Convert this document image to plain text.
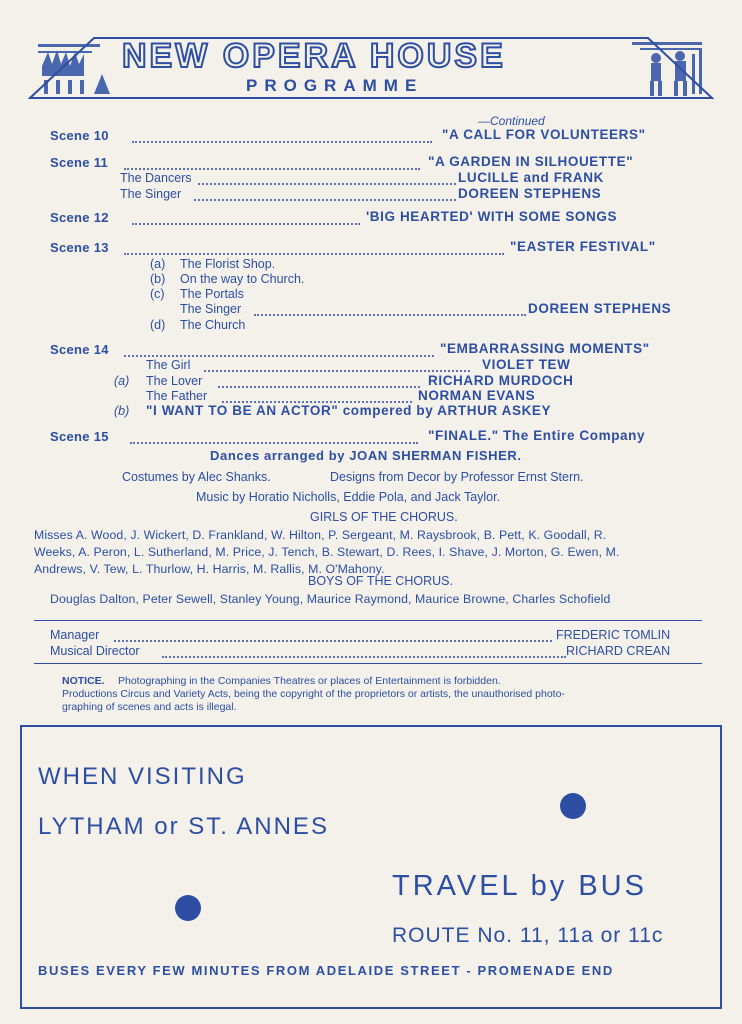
NEW OPERA HOUSE
PROGRAMME
—Continued
Scene 10	"A CALL FOR VOLUNTEERS"
Scene 11	"A GARDEN IN SILHOUETTE"
The Dancers	LUCILLE and FRANK
The Singer	DOREEN STEPHENS
Scene 12	'BIG HEARTED' WITH SOME SONGS
Scene 13	"EASTER FESTIVAL"
(a) The Florist Shop.
(b) On the way to Church.
(c) The Portals
The Singer	DOREEN STEPHENS
(d) The Church
Scene 14	"EMBARRASSING MOMENTS"
The Girl	VIOLET TEW
(a) The Lover	RICHARD MURDOCH
The Father	NORMAN EVANS
(b) "I WANT TO BE AN ACTOR" compered by ARTHUR ASKEY
Scene 15	"FINALE." The Entire Company
Dances arranged by JOAN SHERMAN FISHER.
Costumes by Alec Shanks.	Designs from Decor by Professor Ernst Stern.
Music by Horatio Nicholls, Eddie Pola, and Jack Taylor.
GIRLS OF THE CHORUS.
Misses A. Wood, J. Wickert, D. Frankland, W. Hilton, P. Sergeant, M. Raysbrook, B. Pett, K. Goodall, R.
Weeks, A. Peron, L. Sutherland, M. Price, J. Tench, B. Stewart, D. Rees, I. Shave, J. Morton, G. Ewen, M.
Andrews, V. Tew, L. Thurlow, H. Harris, M. Rallis, M. O'Mahony.
BOYS OF THE CHORUS.
Douglas Dalton, Peter Sewell, Stanley Young, Maurice Raymond, Maurice Browne, Charles Schofield
Manager	FREDERIC TOMLIN
Musical Director	RICHARD CREAN
NOTICE. Photographing in the Companies Theatres or places of Entertainment is forbidden.
Productions Circus and Variety Acts, being the copyright of the proprietors or artists, the unauthorised photo-
graphing of scenes and acts is illegal.
WHEN VISITING
LYTHAM or ST. ANNES
TRAVEL by BUS
ROUTE No. 11, 11a or 11c
BUSES EVERY FEW MINUTES FROM ADELAIDE STREET - PROMENADE END
